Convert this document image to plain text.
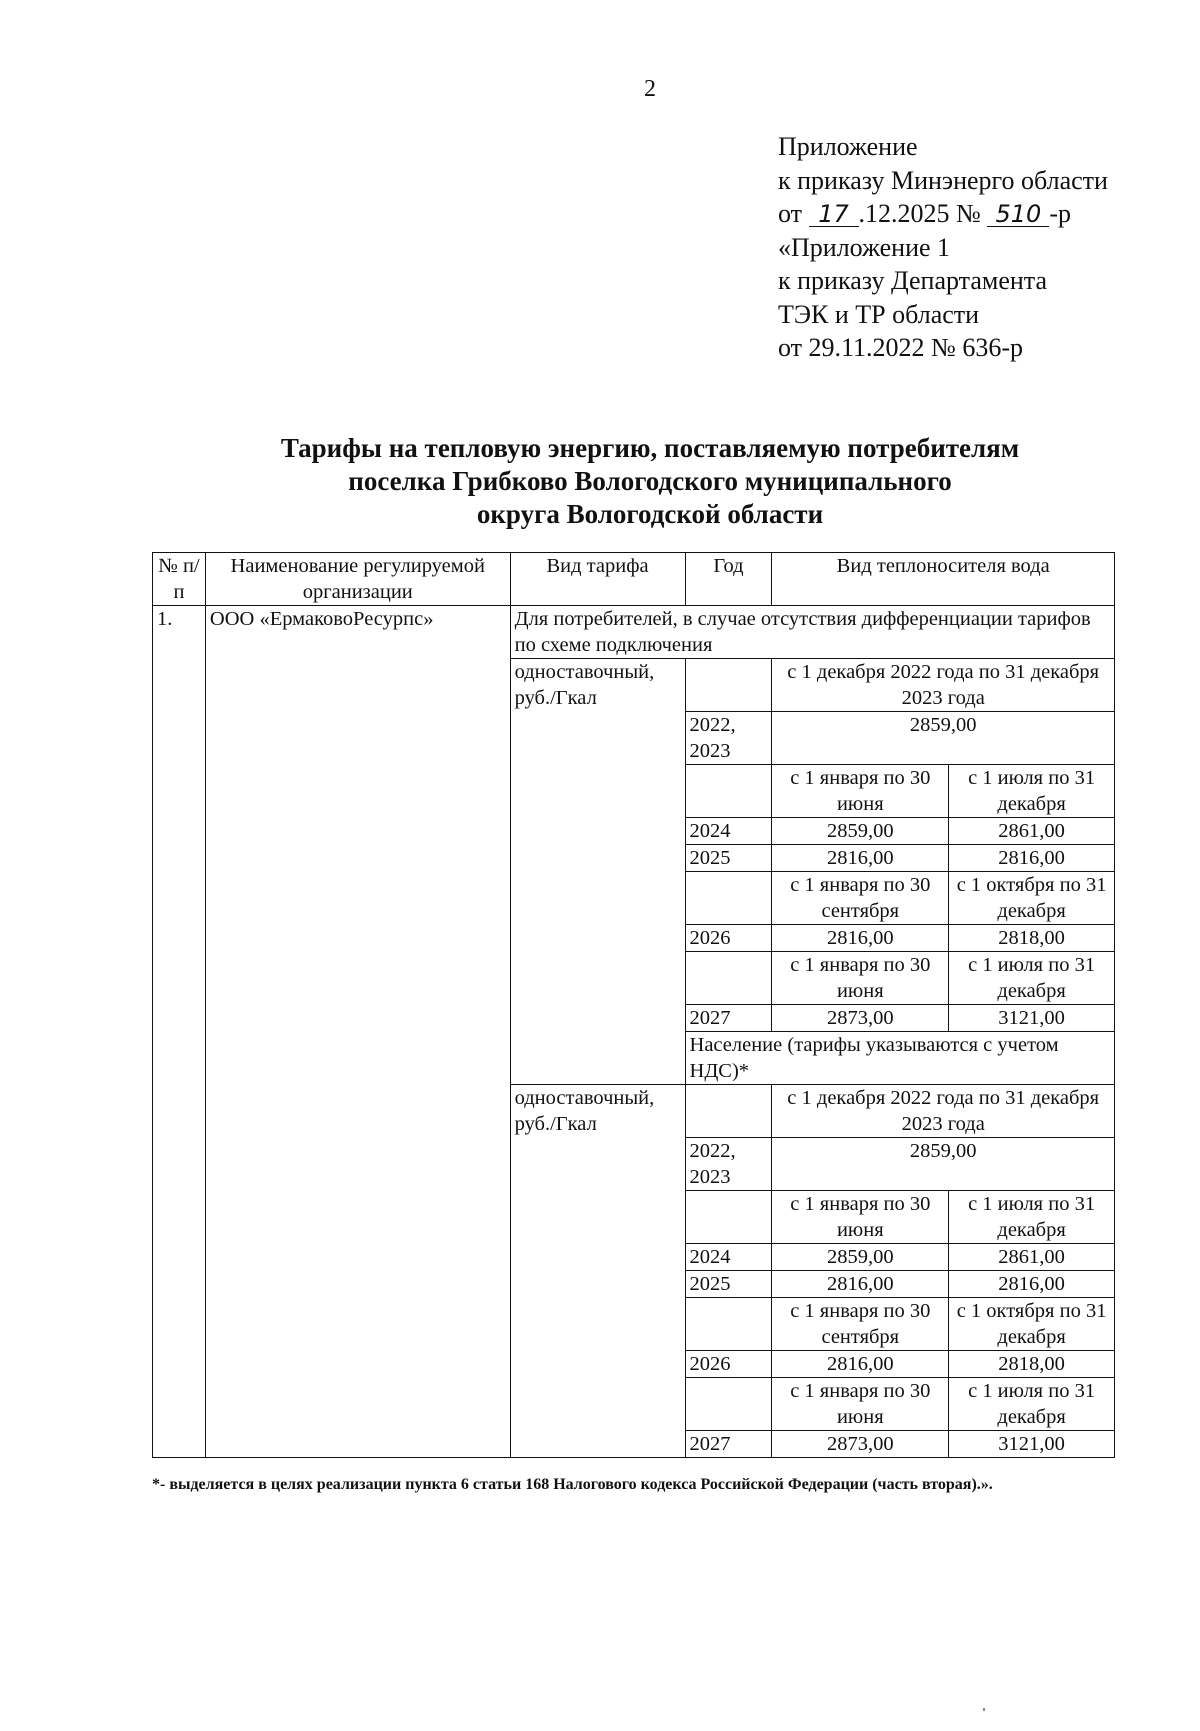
2
Приложение
к приказу Минэнерго области
от 17 .12.2025 № 510 -р
«Приложение 1
к приказу Департамента
ТЭК и ТР области
от 29.11.2022 № 636-р
Тарифы на тепловую энергию, поставляемую потребителям
поселка Грибково Вологодского муниципального
округа Вологодской области
№ п/п	Наименование регулируемой организации	Вид тарифа	Год	Вид теплоносителя вода	
1.	ООО «ЕрмаковоРесурпс»	Для потребителей, в случае отсутствия дифференциации тарифов по схеме подключения			
		одноставочный, руб./Гкал		с 1 декабря 2022 года по 31 декабря 2023 года	
			2022, 2023	2859,00	
				с 1 января по 30 июня	с 1 июля по 31 декабря
			2024	2859,00	2861,00
			2025	2816,00	2816,00
				с 1 января по 30 сентября	с 1 октября по 31 декабря
			2026	2816,00	2818,00
				с 1 января по 30 июня	с 1 июля по 31 декабря
			2027	2873,00	3121,00
			Население (тарифы указываются с учетом НДС)*		
		одноставочный, руб./Гкал		с 1 декабря 2022 года по 31 декабря 2023 года	
			2022, 2023	2859,00	
				с 1 января по 30 июня	с 1 июля по 31 декабря
			2024	2859,00	2861,00
			2025	2816,00	2816,00
				с 1 января по 30 сентября	с 1 октября по 31 декабря
			2026	2816,00	2818,00
				с 1 января по 30 июня	с 1 июля по 31 декабря
			2027	2873,00	3121,00
*- выделяется в целях реализации пункта 6 статьи 168 Налогового кодекса Российской Федерации (часть вторая).».
